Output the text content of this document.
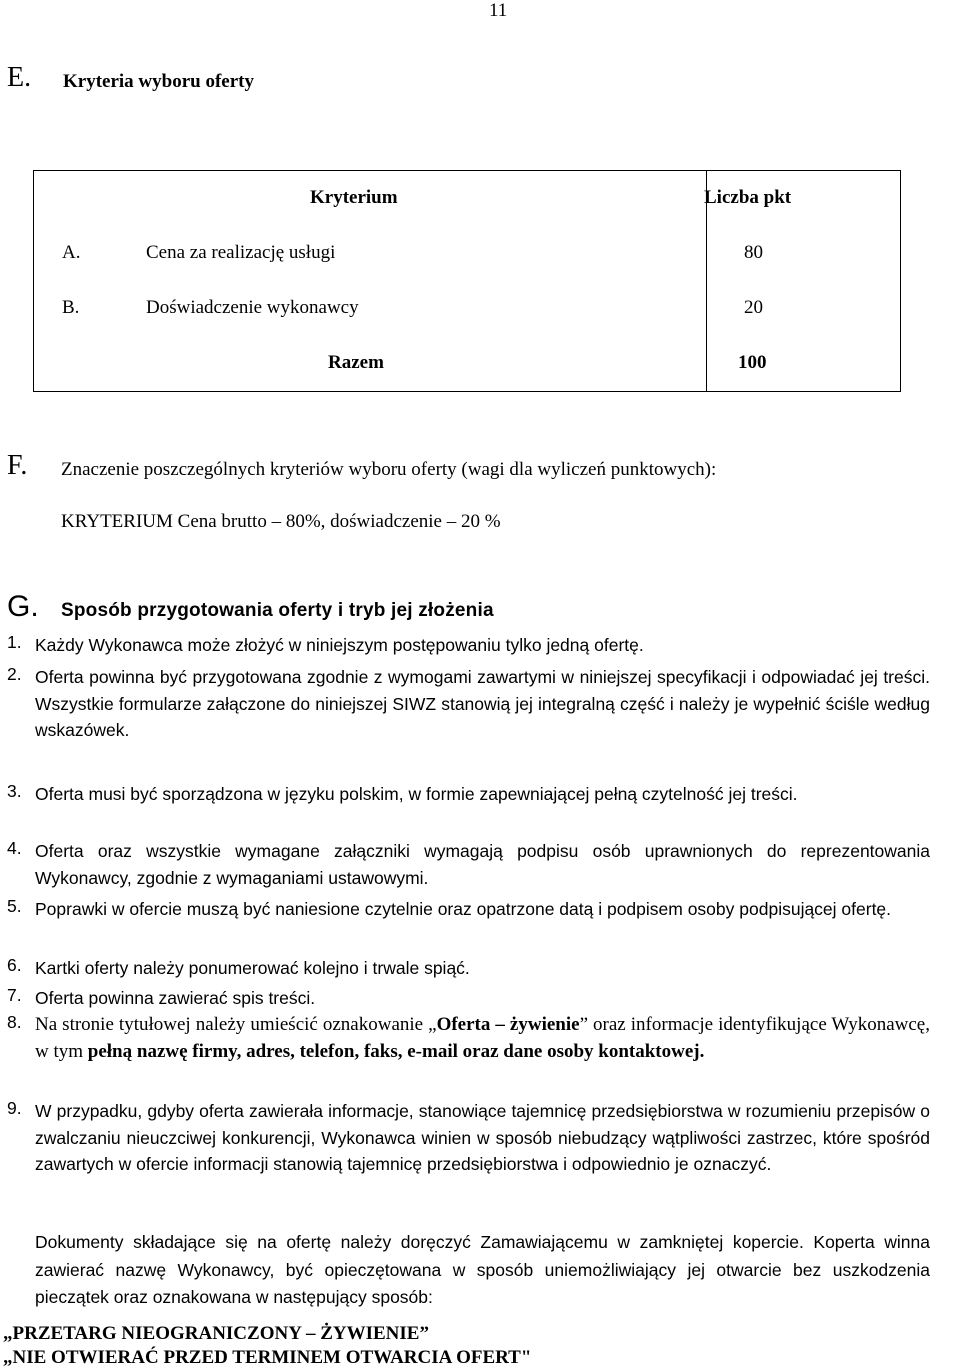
11
E. Kryteria wyboru oferty
Kryterium	Liczba pkt
A.	Cena za realizację usługi	80
B.	Doświadczenie wykonawcy	20
Razem	100
F. Znaczenie poszczególnych kryteriów wyboru oferty (wagi dla wyliczeń punktowych):
KRYTERIUM Cena brutto – 80%, doświadczenie – 20 %
G. Sposób przygotowania oferty i tryb jej złożenia
1. Każdy Wykonawca może złożyć w niniejszym postępowaniu tylko jedną ofertę.
2. Oferta powinna być przygotowana zgodnie z wymogami zawartymi w niniejszej specyfikacji i odpowiadać jej treści. Wszystkie formularze załączone do niniejszej SIWZ stanowią jej integralną część i należy je wypełnić ściśle według wskazówek.
3. Oferta musi być sporządzona w języku polskim, w formie zapewniającej pełną czytelność jej treści.
4. Oferta oraz wszystkie wymagane załączniki wymagają podpisu osób uprawnionych do reprezentowania Wykonawcy, zgodnie z wymaganiami ustawowymi.
5. Poprawki w ofercie muszą być naniesione czytelnie oraz opatrzone datą i podpisem osoby podpisującej ofertę.
6. Kartki oferty należy ponumerować kolejno i trwale spiąć.
7. Oferta powinna zawierać spis treści.
8. Na stronie tytułowej należy umieścić oznakowanie „Oferta – żywienie” oraz informacje identyfikujące Wykonawcę, w tym pełną nazwę firmy, adres, telefon, faks, e-mail oraz dane osoby kontaktowej.
9. W przypadku, gdyby oferta zawierała informacje, stanowiące tajemnicę przedsiębiorstwa w rozumieniu przepisów o zwalczaniu nieuczciwej konkurencji, Wykonawca winien w sposób niebudzący wątpliwości zastrzec, które spośród zawartych w ofercie informacji stanowią tajemnicę przedsiębiorstwa i odpowiednio je oznaczyć.
Dokumenty składające się na ofertę należy doręczyć Zamawiającemu w zamkniętej kopercie. Koperta winna zawierać nazwę Wykonawcy, być opieczętowana w sposób uniemożliwiający jej otwarcie bez uszkodzenia pieczątek oraz oznakowana w następujący sposób:
„PRZETARG NIEOGRANICZONY – ŻYWIENIE”
„NIE OTWIERAĆ PRZED TERMINEM OTWARCIA OFERT"
